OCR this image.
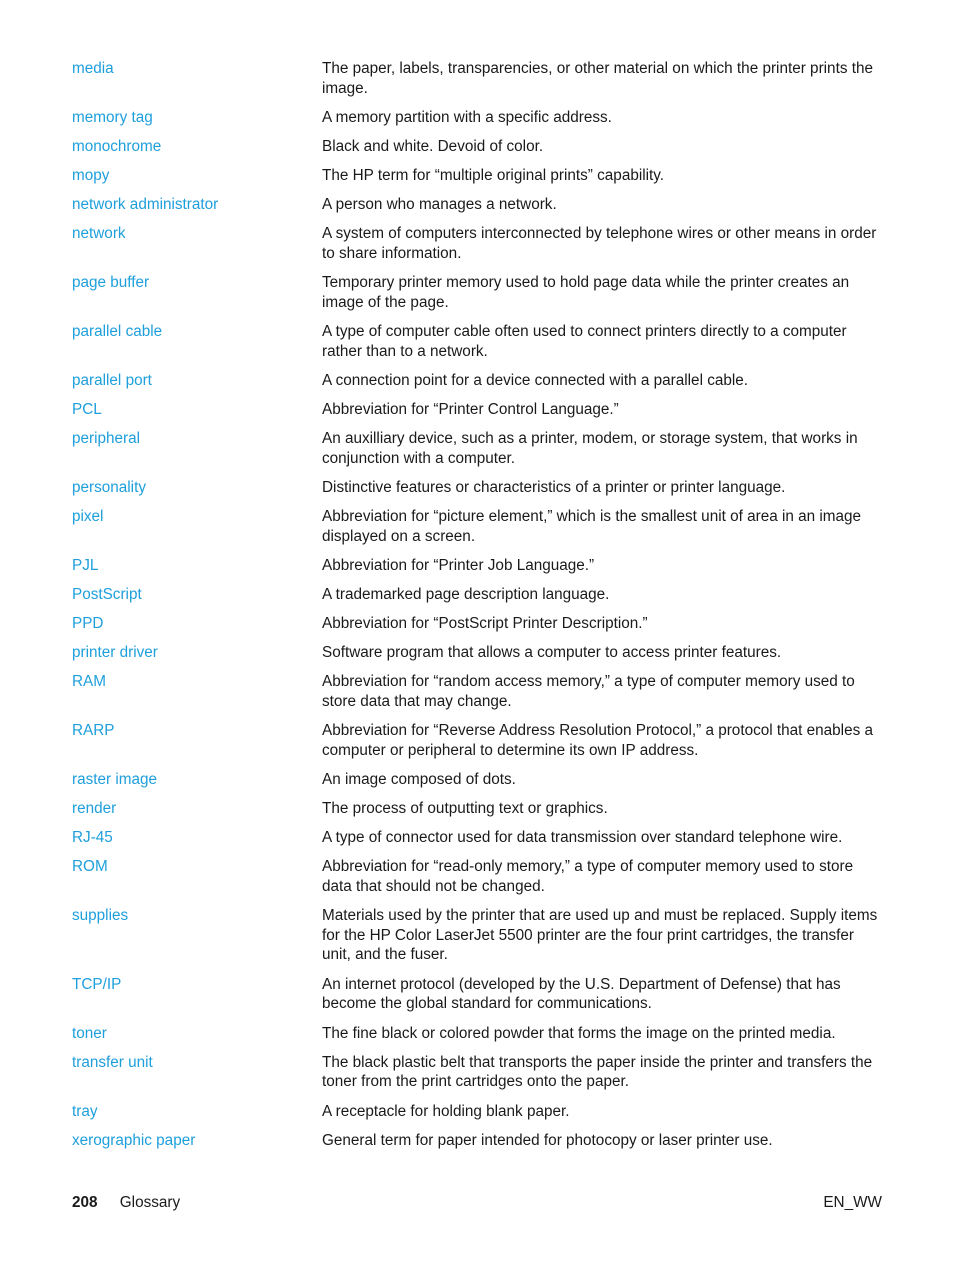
media	The paper, labels, transparencies, or other material on which the printer prints the image.
memory tag	A memory partition with a specific address.
monochrome	Black and white. Devoid of color.
mopy	The HP term for “multiple original prints” capability.
network administrator	A person who manages a network.
network	A system of computers interconnected by telephone wires or other means in order to share information.
page buffer	Temporary printer memory used to hold page data while the printer creates an image of the page.
parallel cable	A type of computer cable often used to connect printers directly to a computer rather than to a network.
parallel port	A connection point for a device connected with a parallel cable.
PCL	Abbreviation for “Printer Control Language.”
peripheral	An auxilliary device, such as a printer, modem, or storage system, that works in conjunction with a computer.
personality	Distinctive features or characteristics of a printer or printer language.
pixel	Abbreviation for “picture element,” which is the smallest unit of area in an image displayed on a screen.
PJL	Abbreviation for “Printer Job Language.”
PostScript	A trademarked page description language.
PPD	Abbreviation for “PostScript Printer Description.”
printer driver	Software program that allows a computer to access printer features.
RAM	Abbreviation for “random access memory,” a type of computer memory used to store data that may change.
RARP	Abbreviation for “Reverse Address Resolution Protocol,” a protocol that enables a computer or peripheral to determine its own IP address.
raster image	An image composed of dots.
render	The process of outputting text or graphics.
RJ-45	A type of connector used for data transmission over standard telephone wire.
ROM	Abbreviation for “read-only memory,” a type of computer memory used to store data that should not be changed.
supplies	Materials used by the printer that are used up and must be replaced. Supply items for the HP Color LaserJet 5500 printer are the four print cartridges, the transfer unit, and the fuser.
TCP/IP	An internet protocol (developed by the U.S. Department of Defense) that has become the global standard for communications.
toner	The fine black or colored powder that forms the image on the printed media.
transfer unit	The black plastic belt that transports the paper inside the printer and transfers the toner from the print cartridges onto the paper.
tray	A receptacle for holding blank paper.
xerographic paper	General term for paper intended for photocopy or laser printer use.
208 Glossary	EN_WW
